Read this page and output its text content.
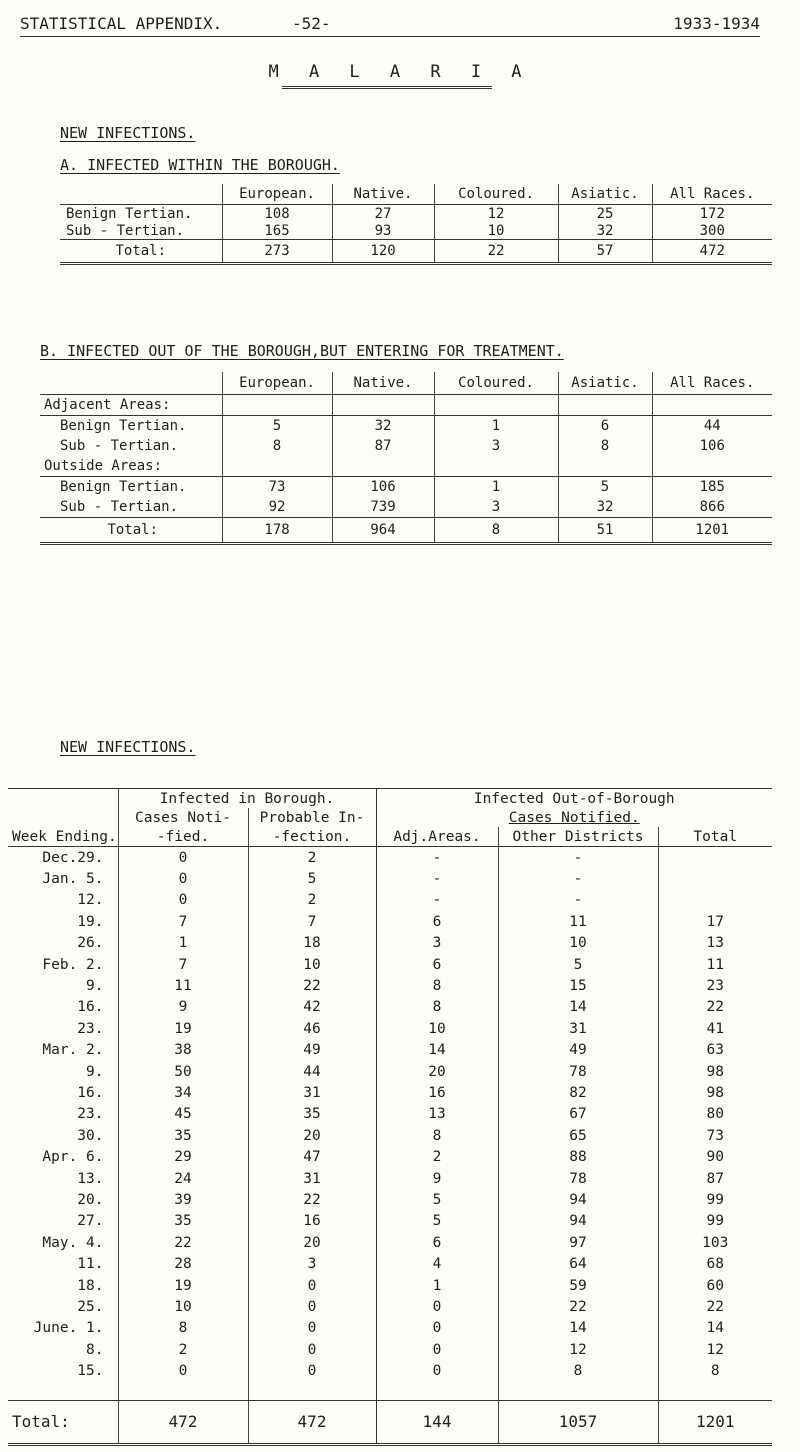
STATISTICAL APPENDIX.	-52-	1933-1934
M A L A R I A
NEW INFECTIONS.
A. INFECTED WITHIN THE BOROUGH.
	European.	Native.	Coloured.	Asiatic.	All Races.
Benign Tertian.	108	27	12	25	172
Sub - Tertian.	165	93	10	32	300
Total:	273	120	22	57	472
B. INFECTED OUT OF THE BOROUGH,BUT ENTERING FOR TREATMENT.
	European.	Native.	Coloured.	Asiatic.	All Races.
Adjacent Areas:					
Benign Tertian.	5	32	1	6	44
Sub - Tertian.	8	87	3	8	106
Outside Areas:					
Benign Tertian.	73	106	1	5	185
Sub - Tertian.	92	739	3	32	866
Total:	178	964	8	51	1201
NEW INFECTIONS.
	Infected in Borough.		Infected Out-of-Borough		
	Cases Noti-	Probable In-	Cases Notified.		
Week Ending.	-fied.	-fection.	Adj.Areas.	Other Districts	Total
Dec.29.	0	2	-	-	
Jan. 5.	0	5	-	-	
12.	0	2	-	-	
19.	7	7	6	11	17
26.	1	18	3	10	13
Feb. 2.	7	10	6	5	11
9.	11	22	8	15	23
16.	9	42	8	14	22
23.	19	46	10	31	41
Mar. 2.	38	49	14	49	63
9.	50	44	20	78	98
16.	34	31	16	82	98
23.	45	35	13	67	80
30.	35	20	8	65	73
Apr. 6.	29	47	2	88	90
13.	24	31	9	78	87
20.	39	22	5	94	99
27.	35	16	5	94	99
May. 4.	22	20	6	97	103
11.	28	3	4	64	68
18.	19	0	1	59	60
25.	10	0	0	22	22
June. 1.	8	0	0	14	14
8.	2	0	0	12	12
15.	0	0	0	8	8

Total:	472	472	144	1057	1201
